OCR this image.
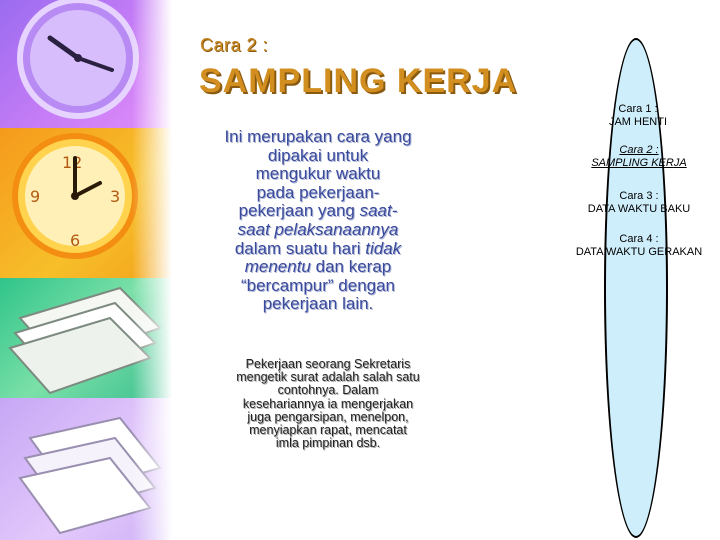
12
3
6
9
Cara 2 :
SAMPLING KERJA
Ini merupakan cara yang
dipakai untuk
mengukur waktu
pada pekerjaan-
pekerjaan yang saat-
saat pelaksanaannya
dalam suatu hari tidak
menentu dan kerap
“bercampur” dengan
pekerjaan lain.
Pekerjaan seorang Sekretaris
mengetik surat adalah salah satu
contohnya. Dalam
kesehariannya ia mengerjakan
juga pengarsipan, menelpon,
menyiapkan rapat, mencatat
imla pimpinan dsb.
Cara 1 :
JAM HENTI
Cara 2 :
SAMPLING KERJA
Cara 3 :
DATA WAKTU BAKU
Cara 4 :
DATA WAKTU GERAKAN
